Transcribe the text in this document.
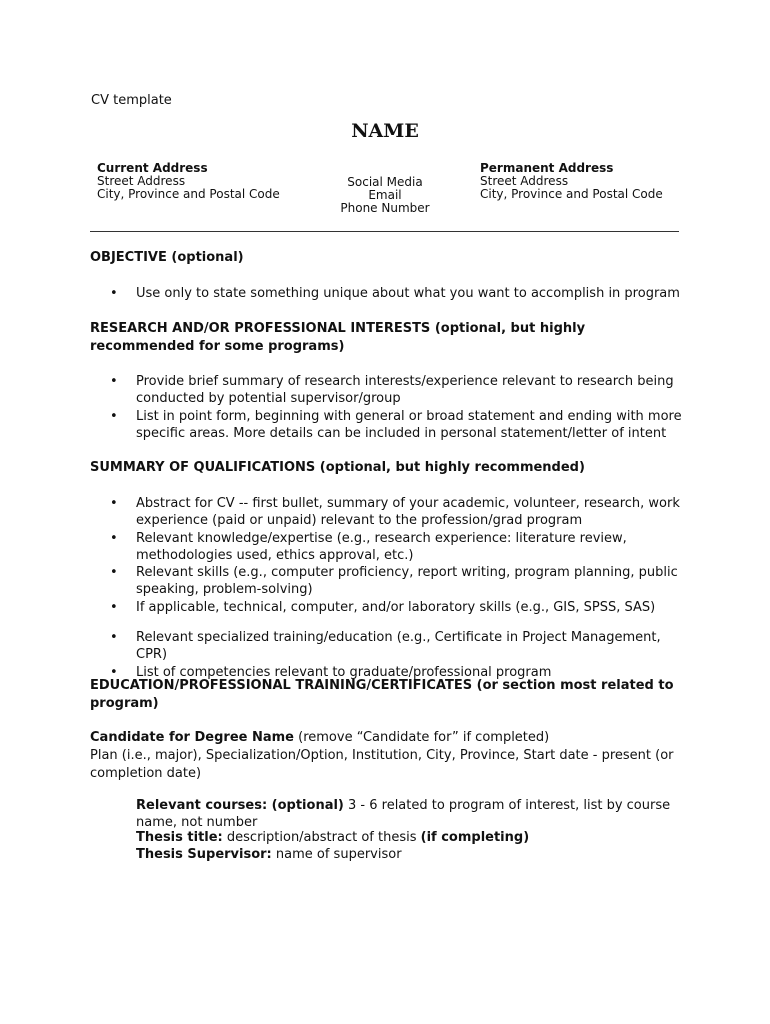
CV template
NAME
Current Address
Street Address
City, Province and Postal Code
Social Media
Email
Phone Number
Permanent Address
Street Address
City, Province and Postal Code
OBJECTIVE (optional)
• Use only to state something unique about what you want to accomplish in program
RESEARCH AND/OR PROFESSIONAL INTERESTS (optional, but highly recommended for some programs)
• Provide brief summary of research interests/experience relevant to research being conducted by potential supervisor/group
• List in point form, beginning with general or broad statement and ending with more specific areas. More details can be included in personal statement/letter of intent
SUMMARY OF QUALIFICATIONS (optional, but highly recommended)
• Abstract for CV -- first bullet, summary of your academic, volunteer, research, work experience (paid or unpaid) relevant to the profession/grad program
• Relevant knowledge/expertise (e.g., research experience: literature review, methodologies used, ethics approval, etc.)
• Relevant skills (e.g., computer proficiency, report writing, program planning, public speaking, problem-solving)
• If applicable, technical, computer, and/or laboratory skills (e.g., GIS, SPSS, SAS)
• Relevant specialized training/education (e.g., Certificate in Project Management, CPR)
• List of competencies relevant to graduate/professional program
EDUCATION/PROFESSIONAL TRAINING/CERTIFICATES (or section most related to program)
Candidate for Degree Name (remove “Candidate for” if completed)
Plan (i.e., major), Specialization/Option, Institution, City, Province, Start date - present (or completion date)
Relevant courses: (optional) 3 - 6 related to program of interest, list by course name, not number
Thesis title: description/abstract of thesis (if completing)
Thesis Supervisor: name of supervisor
